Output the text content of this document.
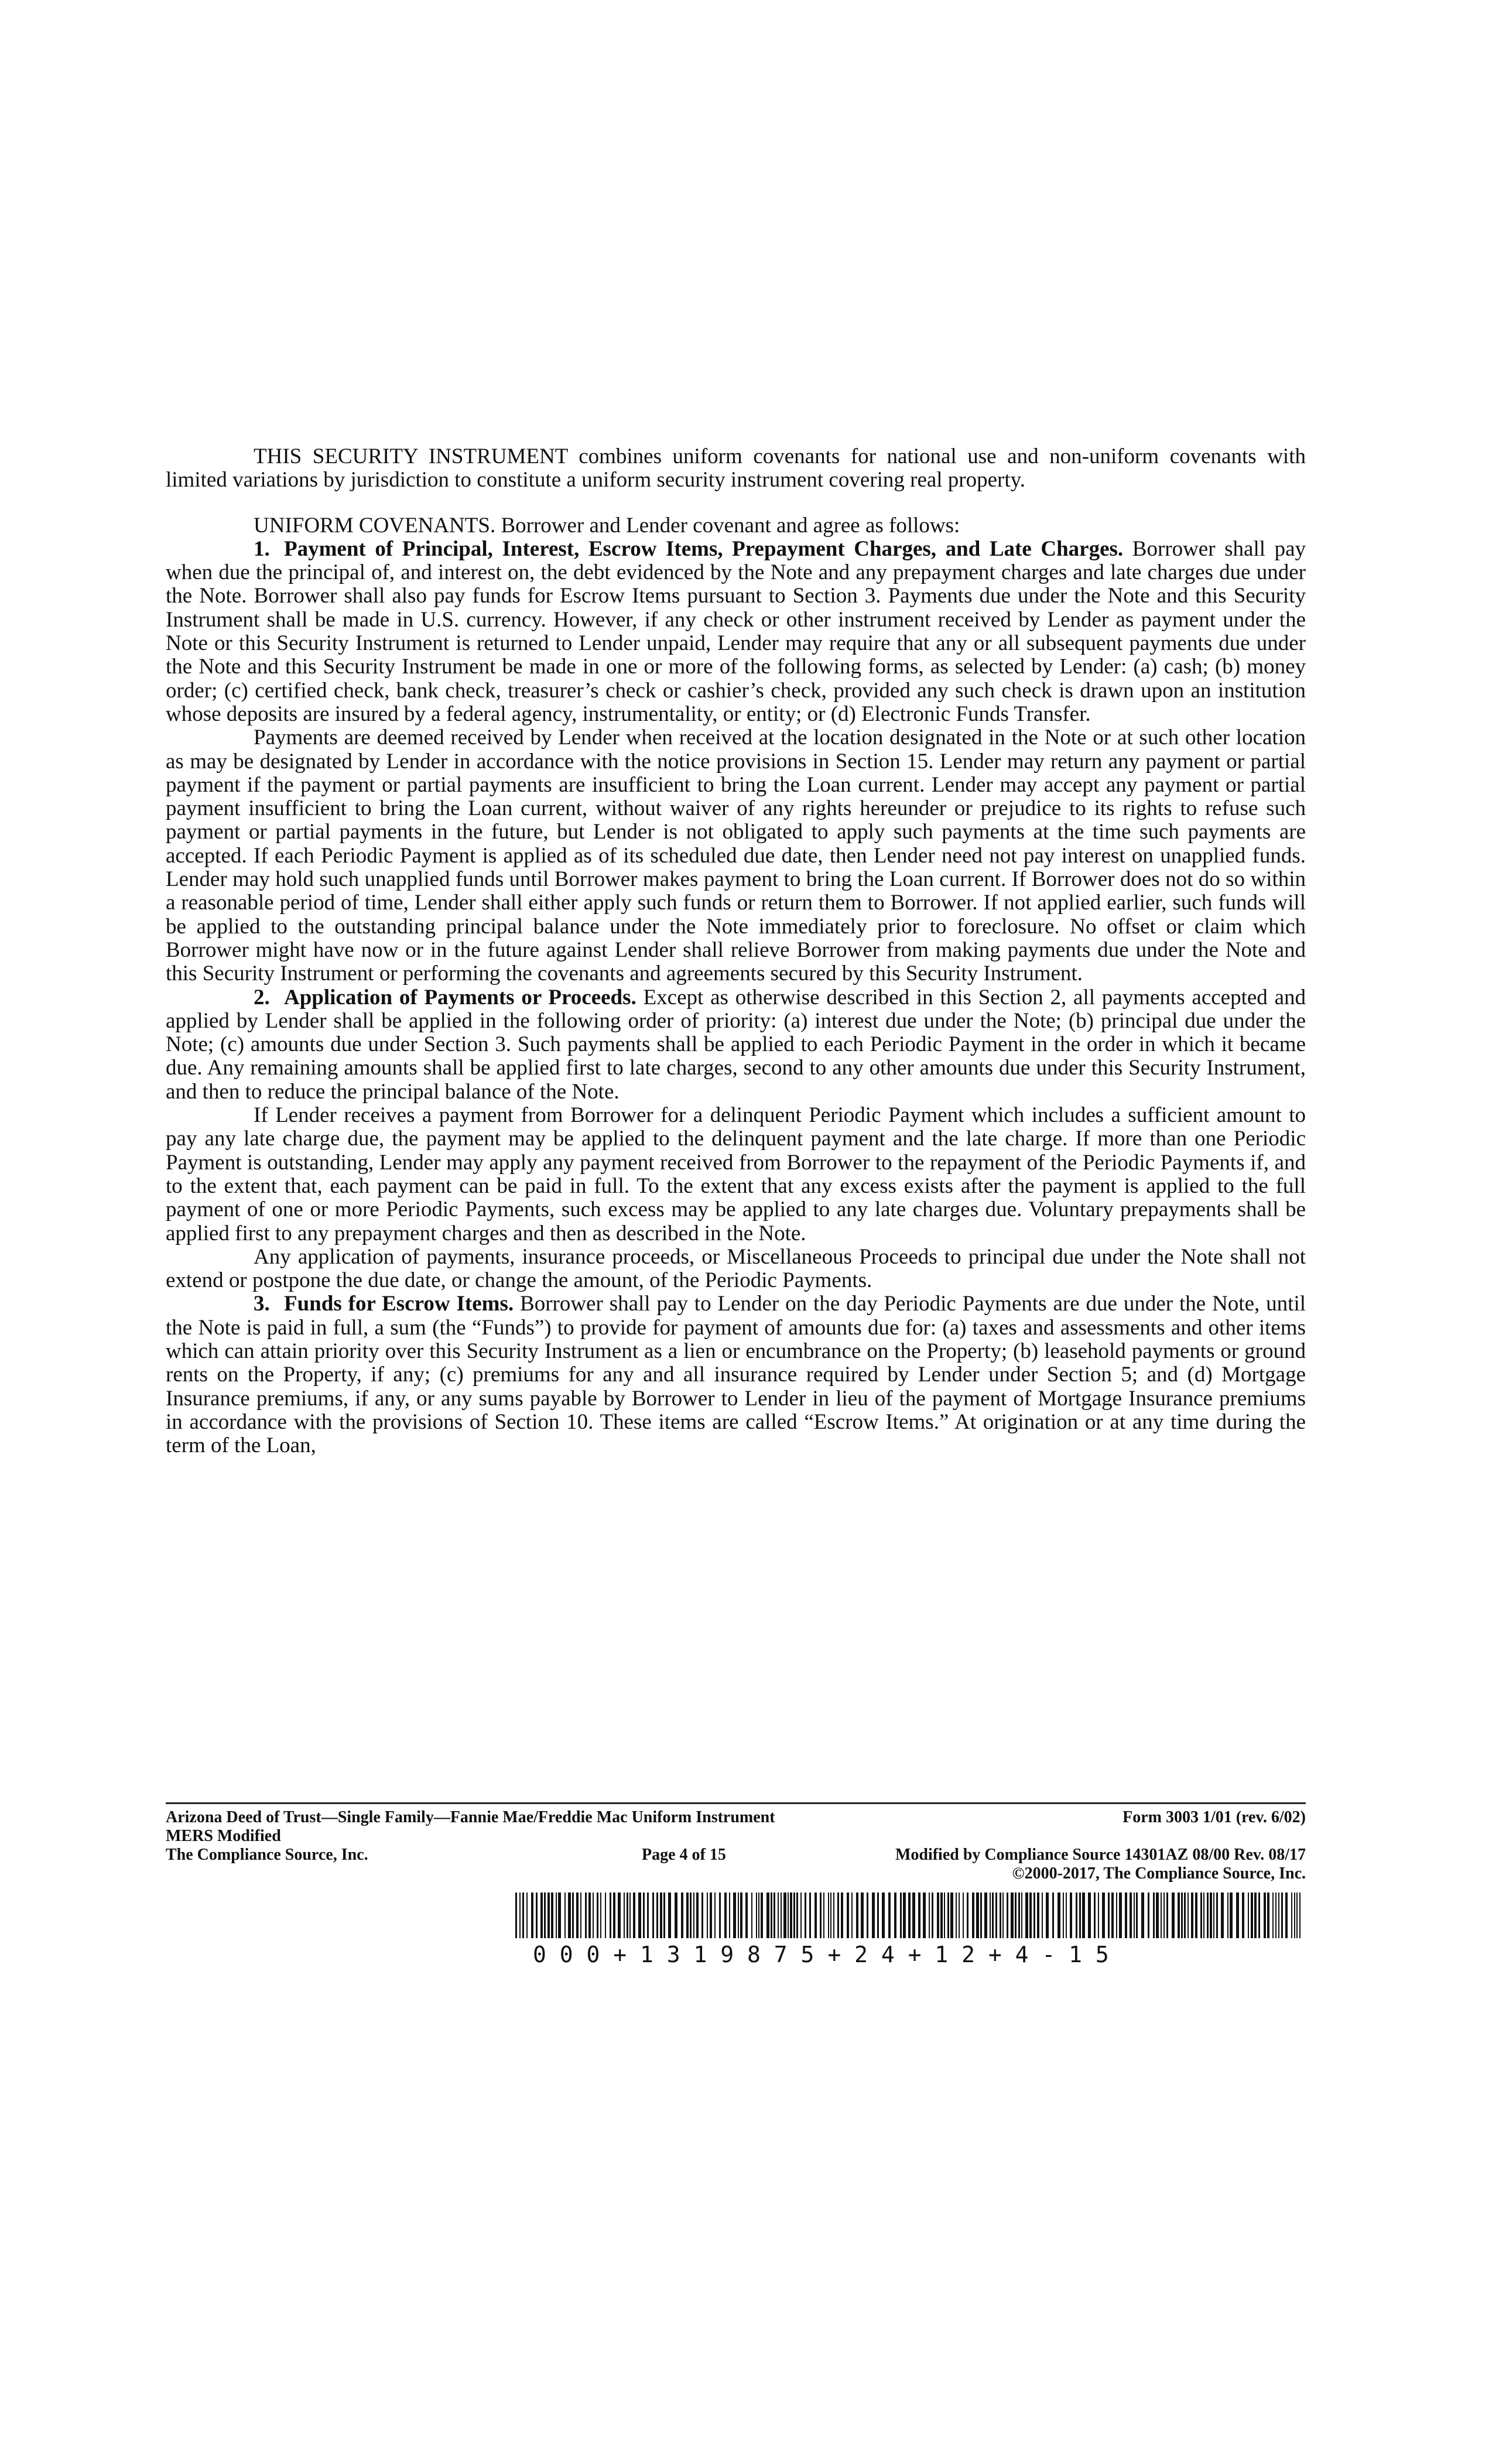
THIS SECURITY INSTRUMENT combines uniform covenants for national use and non-uniform covenants with limited variations by jurisdiction to constitute a uniform security instrument covering real property.

UNIFORM COVENANTS. Borrower and Lender covenant and agree as follows:

1. Payment of Principal, Interest, Escrow Items, Prepayment Charges, and Late Charges. Borrower shall pay when due the principal of, and interest on, the debt evidenced by the Note and any prepayment charges and late charges due under the Note. Borrower shall also pay funds for Escrow Items pursuant to Section 3. Payments due under the Note and this Security Instrument shall be made in U.S. currency. However, if any check or other instrument received by Lender as payment under the Note or this Security Instrument is returned to Lender unpaid, Lender may require that any or all subsequent payments due under the Note and this Security Instrument be made in one or more of the following forms, as selected by Lender: (a) cash; (b) money order; (c) certified check, bank check, treasurer’s check or cashier’s check, provided any such check is drawn upon an institution whose deposits are insured by a federal agency, instrumentality, or entity; or (d) Electronic Funds Transfer.

Payments are deemed received by Lender when received at the location designated in the Note or at such other location as may be designated by Lender in accordance with the notice provisions in Section 15. Lender may return any payment or partial payment if the payment or partial payments are insufficient to bring the Loan current. Lender may accept any payment or partial payment insufficient to bring the Loan current, without waiver of any rights hereunder or prejudice to its rights to refuse such payment or partial payments in the future, but Lender is not obligated to apply such payments at the time such payments are accepted. If each Periodic Payment is applied as of its scheduled due date, then Lender need not pay interest on unapplied funds. Lender may hold such unapplied funds until Borrower makes payment to bring the Loan current. If Borrower does not do so within a reasonable period of time, Lender shall either apply such funds or return them to Borrower. If not applied earlier, such funds will be applied to the outstanding principal balance under the Note immediately prior to foreclosure. No offset or claim which Borrower might have now or in the future against Lender shall relieve Borrower from making payments due under the Note and this Security Instrument or performing the covenants and agreements secured by this Security Instrument.

2. Application of Payments or Proceeds. Except as otherwise described in this Section 2, all payments accepted and applied by Lender shall be applied in the following order of priority: (a) interest due under the Note; (b) principal due under the Note; (c) amounts due under Section 3. Such payments shall be applied to each Periodic Payment in the order in which it became due. Any remaining amounts shall be applied first to late charges, second to any other amounts due under this Security Instrument, and then to reduce the principal balance of the Note.

If Lender receives a payment from Borrower for a delinquent Periodic Payment which includes a sufficient amount to pay any late charge due, the payment may be applied to the delinquent payment and the late charge. If more than one Periodic Payment is outstanding, Lender may apply any payment received from Borrower to the repayment of the Periodic Payments if, and to the extent that, each payment can be paid in full. To the extent that any excess exists after the payment is applied to the full payment of one or more Periodic Payments, such excess may be applied to any late charges due. Voluntary prepayments shall be applied first to any prepayment charges and then as described in the Note.

Any application of payments, insurance proceeds, or Miscellaneous Proceeds to principal due under the Note shall not extend or postpone the due date, or change the amount, of the Periodic Payments.

3. Funds for Escrow Items. Borrower shall pay to Lender on the day Periodic Payments are due under the Note, until the Note is paid in full, a sum (the “Funds”) to provide for payment of amounts due for: (a) taxes and assessments and other items which can attain priority over this Security Instrument as a lien or encumbrance on the Property; (b) leasehold payments or ground rents on the Property, if any; (c) premiums for any and all insurance required by Lender under Section 5; and (d) Mortgage Insurance premiums, if any, or any sums payable by Borrower to Lender in lieu of the payment of Mortgage Insurance premiums in accordance with the provisions of Section 10. These items are called “Escrow Items.” At origination or at any time during the term of the Loan,

Arizona Deed of Trust—Single Family—Fannie Mae/Freddie Mac Uniform Instrument	Form 3003 1/01 (rev. 6/02)
MERS Modified
The Compliance Source, Inc.	Page 4 of 15	Modified by Compliance Source 14301AZ 08/00 Rev. 08/17
©2000-2017, The Compliance Source, Inc.
0 0 0 + 1 3 1 9 8 7 5 + 2 4 + 1 2 + 4 - 1 5
